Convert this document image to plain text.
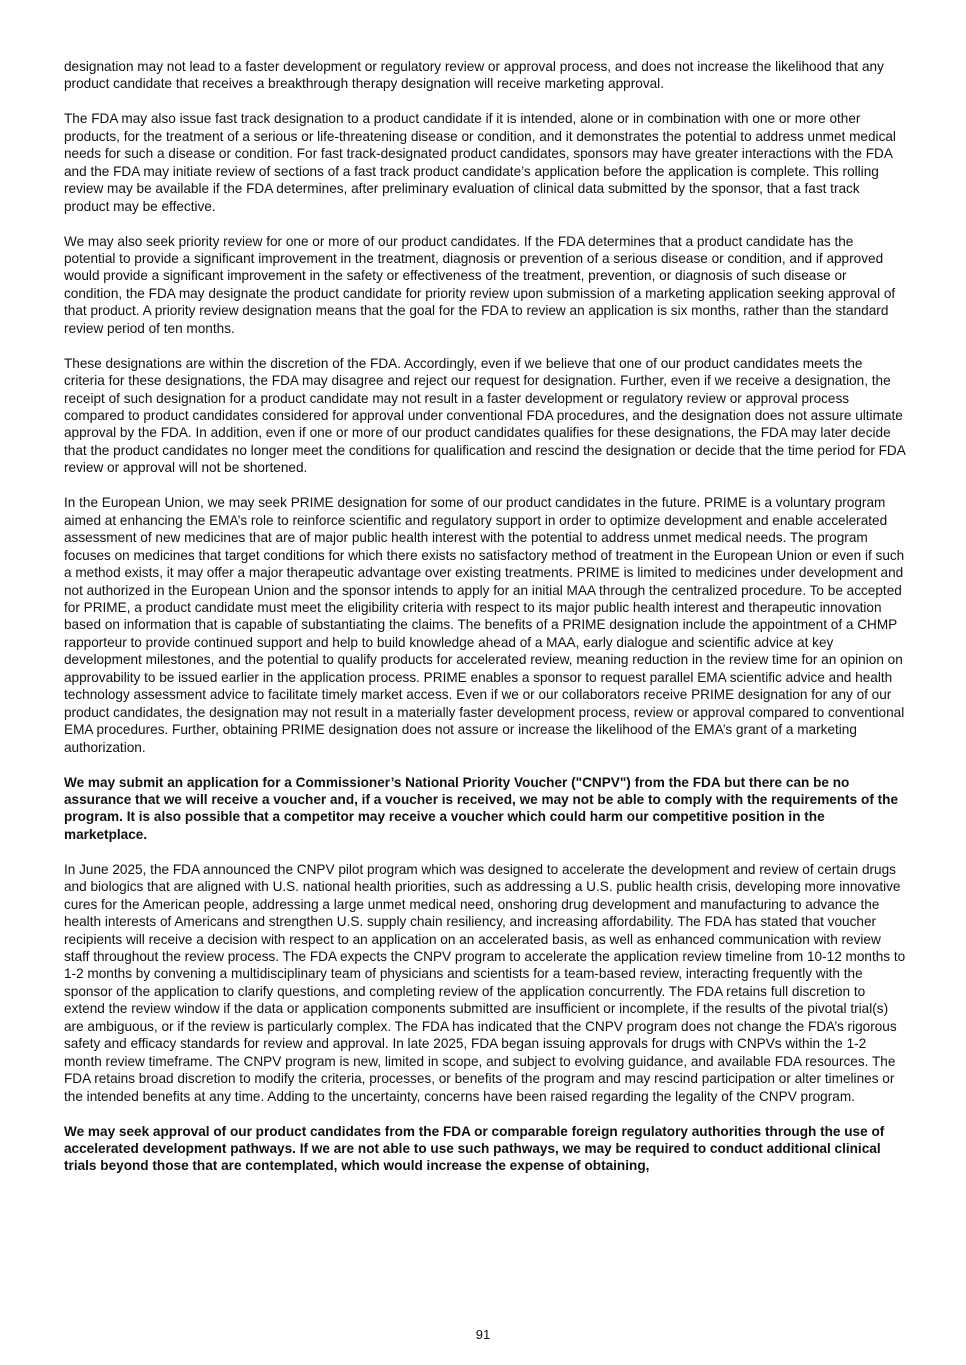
designation may not lead to a faster development or regulatory review or approval process, and does not increase the likelihood that any product candidate that receives a breakthrough therapy designation will receive marketing approval.

The FDA may also issue fast track designation to a product candidate if it is intended, alone or in combination with one or more other products, for the treatment of a serious or life-threatening disease or condition, and it demonstrates the potential to address unmet medical needs for such a disease or condition. For fast track-designated product candidates, sponsors may have greater interactions with the FDA and the FDA may initiate review of sections of a fast track product candidate’s application before the application is complete. This rolling review may be available if the FDA determines, after preliminary evaluation of clinical data submitted by the sponsor, that a fast track product may be effective.

We may also seek priority review for one or more of our product candidates. If the FDA determines that a product candidate has the potential to provide a significant improvement in the treatment, diagnosis or prevention of a serious disease or condition, and if approved would provide a significant improvement in the safety or effectiveness of the treatment, prevention, or diagnosis of such disease or condition, the FDA may designate the product candidate for priority review upon submission of a marketing application seeking approval of that product. A priority review designation means that the goal for the FDA to review an application is six months, rather than the standard review period of ten months.

These designations are within the discretion of the FDA. Accordingly, even if we believe that one of our product candidates meets the criteria for these designations, the FDA may disagree and reject our request for designation. Further, even if we receive a designation, the receipt of such designation for a product candidate may not result in a faster development or regulatory review or approval process compared to product candidates considered for approval under conventional FDA procedures, and the designation does not assure ultimate approval by the FDA. In addition, even if one or more of our product candidates qualifies for these designations, the FDA may later decide that the product candidates no longer meet the conditions for qualification and rescind the designation or decide that the time period for FDA review or approval will not be shortened.

In the European Union, we may seek PRIME designation for some of our product candidates in the future. PRIME is a voluntary program aimed at enhancing the EMA’s role to reinforce scientific and regulatory support in order to optimize development and enable accelerated assessment of new medicines that are of major public health interest with the potential to address unmet medical needs. The program focuses on medicines that target conditions for which there exists no satisfactory method of treatment in the European Union or even if such a method exists, it may offer a major therapeutic advantage over existing treatments. PRIME is limited to medicines under development and not authorized in the European Union and the sponsor intends to apply for an initial MAA through the centralized procedure. To be accepted for PRIME, a product candidate must meet the eligibility criteria with respect to its major public health interest and therapeutic innovation based on information that is capable of substantiating the claims. The benefits of a PRIME designation include the appointment of a CHMP rapporteur to provide continued support and help to build knowledge ahead of a MAA, early dialogue and scientific advice at key development milestones, and the potential to qualify products for accelerated review, meaning reduction in the review time for an opinion on approvability to be issued earlier in the application process. PRIME enables a sponsor to request parallel EMA scientific advice and health technology assessment advice to facilitate timely market access. Even if we or our collaborators receive PRIME designation for any of our product candidates, the designation may not result in a materially faster development process, review or approval compared to conventional EMA procedures. Further, obtaining PRIME designation does not assure or increase the likelihood of the EMA’s grant of a marketing authorization.

We may submit an application for a Commissioner’s National Priority Voucher ("CNPV") from the FDA but there can be no assurance that we will receive a voucher and, if a voucher is received, we may not be able to comply with the requirements of the program. It is also possible that a competitor may receive a voucher which could harm our competitive position in the marketplace.

In June 2025, the FDA announced the CNPV pilot program which was designed to accelerate the development and review of certain drugs and biologics that are aligned with U.S. national health priorities, such as addressing a U.S. public health crisis, developing more innovative cures for the American people, addressing a large unmet medical need, onshoring drug development and manufacturing to advance the health interests of Americans and strengthen U.S. supply chain resiliency, and increasing affordability. The FDA has stated that voucher recipients will receive a decision with respect to an application on an accelerated basis, as well as enhanced communication with review staff throughout the review process. The FDA expects the CNPV program to accelerate the application review timeline from 10-12 months to 1-2 months by convening a multidisciplinary team of physicians and scientists for a team-based review, interacting frequently with the sponsor of the application to clarify questions, and completing review of the application concurrently. The FDA retains full discretion to extend the review window if the data or application components submitted are insufficient or incomplete, if the results of the pivotal trial(s) are ambiguous, or if the review is particularly complex. The FDA has indicated that the CNPV program does not change the FDA’s rigorous safety and efficacy standards for review and approval. In late 2025, FDA began issuing approvals for drugs with CNPVs within the 1-2 month review timeframe. The CNPV program is new, limited in scope, and subject to evolving guidance, and available FDA resources. The FDA retains broad discretion to modify the criteria, processes, or benefits of the program and may rescind participation or alter timelines or the intended benefits at any time. Adding to the uncertainty, concerns have been raised regarding the legality of the CNPV program.

We may seek approval of our product candidates from the FDA or comparable foreign regulatory authorities through the use of accelerated development pathways. If we are not able to use such pathways, we may be required to conduct additional clinical trials beyond those that are contemplated, which would increase the expense of obtaining,

91
